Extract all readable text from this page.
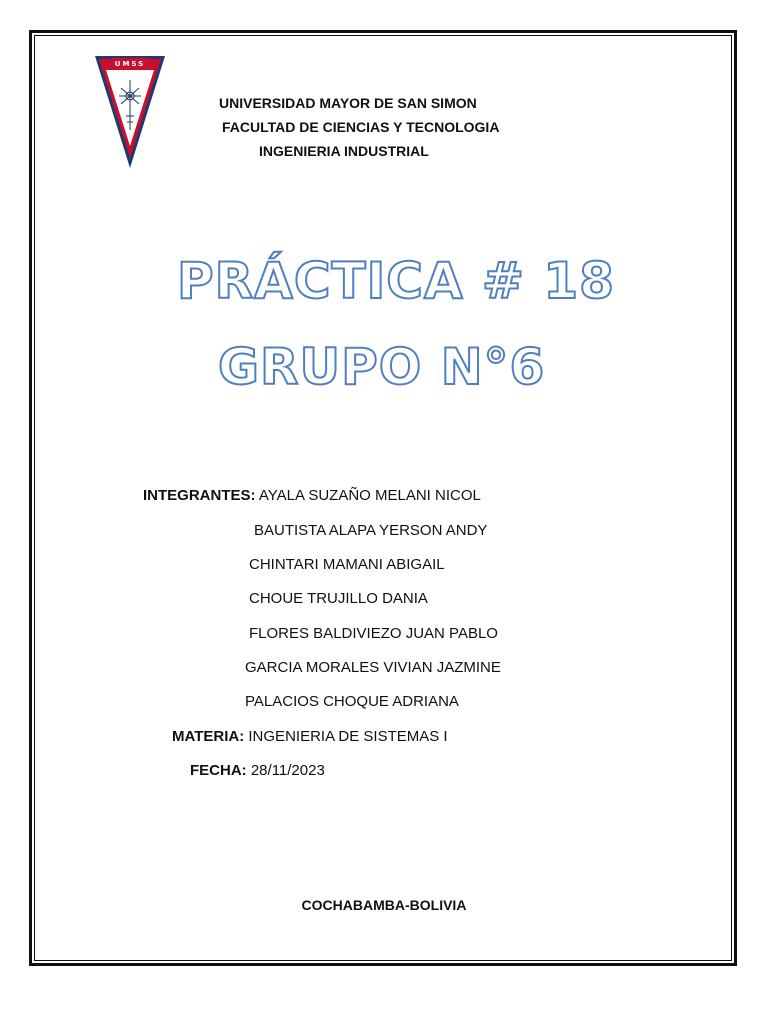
UMSS
UNIVERSIDAD MAYOR DE SAN SIMON
FACULTAD DE CIENCIAS Y TECNOLOGIA
INGENIERIA INDUSTRIAL
PRÁCTICA # 18
GRUPO N°6
INTEGRANTES: AYALA SUZAÑO MELANI NICOL
BAUTISTA ALAPA YERSON ANDY
CHINTARI MAMANI ABIGAIL
CHOUE TRUJILLO DANIA
FLORES BALDIVIEZO JUAN PABLO
GARCIA MORALES VIVIAN JAZMINE
PALACIOS CHOQUE ADRIANA
MATERIA: INGENIERIA DE SISTEMAS I
FECHA: 28/11/2023
COCHABAMBA-BOLIVIA
